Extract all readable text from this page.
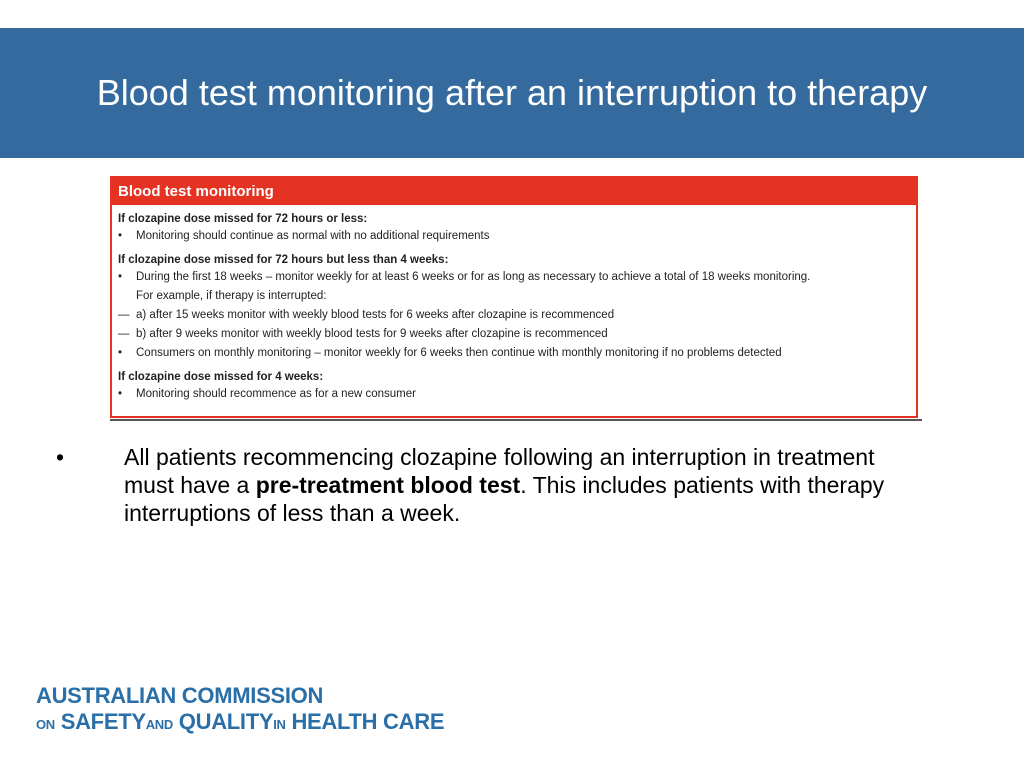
Blood test monitoring after an interruption to therapy
Blood test monitoring
If clozapine dose missed for 72 hours or less:
•	Monitoring should continue as normal with no additional requirements
If clozapine dose missed for 72 hours but less than 4 weeks:
•	During the first 18 weeks – monitor weekly for at least 6 weeks or for as long as necessary to achieve a total of 18 weeks monitoring.
For example, if therapy is interrupted:
— a) after 15 weeks monitor with weekly blood tests for 6 weeks after clozapine is recommenced
— b) after 9 weeks monitor with weekly blood tests for 9 weeks after clozapine is recommenced
•	Consumers on monthly monitoring – monitor weekly for 6 weeks then continue with monthly monitoring if no problems detected
If clozapine dose missed for 4 weeks:
•	Monitoring should recommence as for a new consumer
•	All patients recommencing clozapine following an interruption in treatment must have a pre-treatment blood test. This includes patients with therapy interruptions of less than a week.
AUSTRALIAN COMMISSION
ON SAFETYAND QUALITYIN HEALTH CARE
